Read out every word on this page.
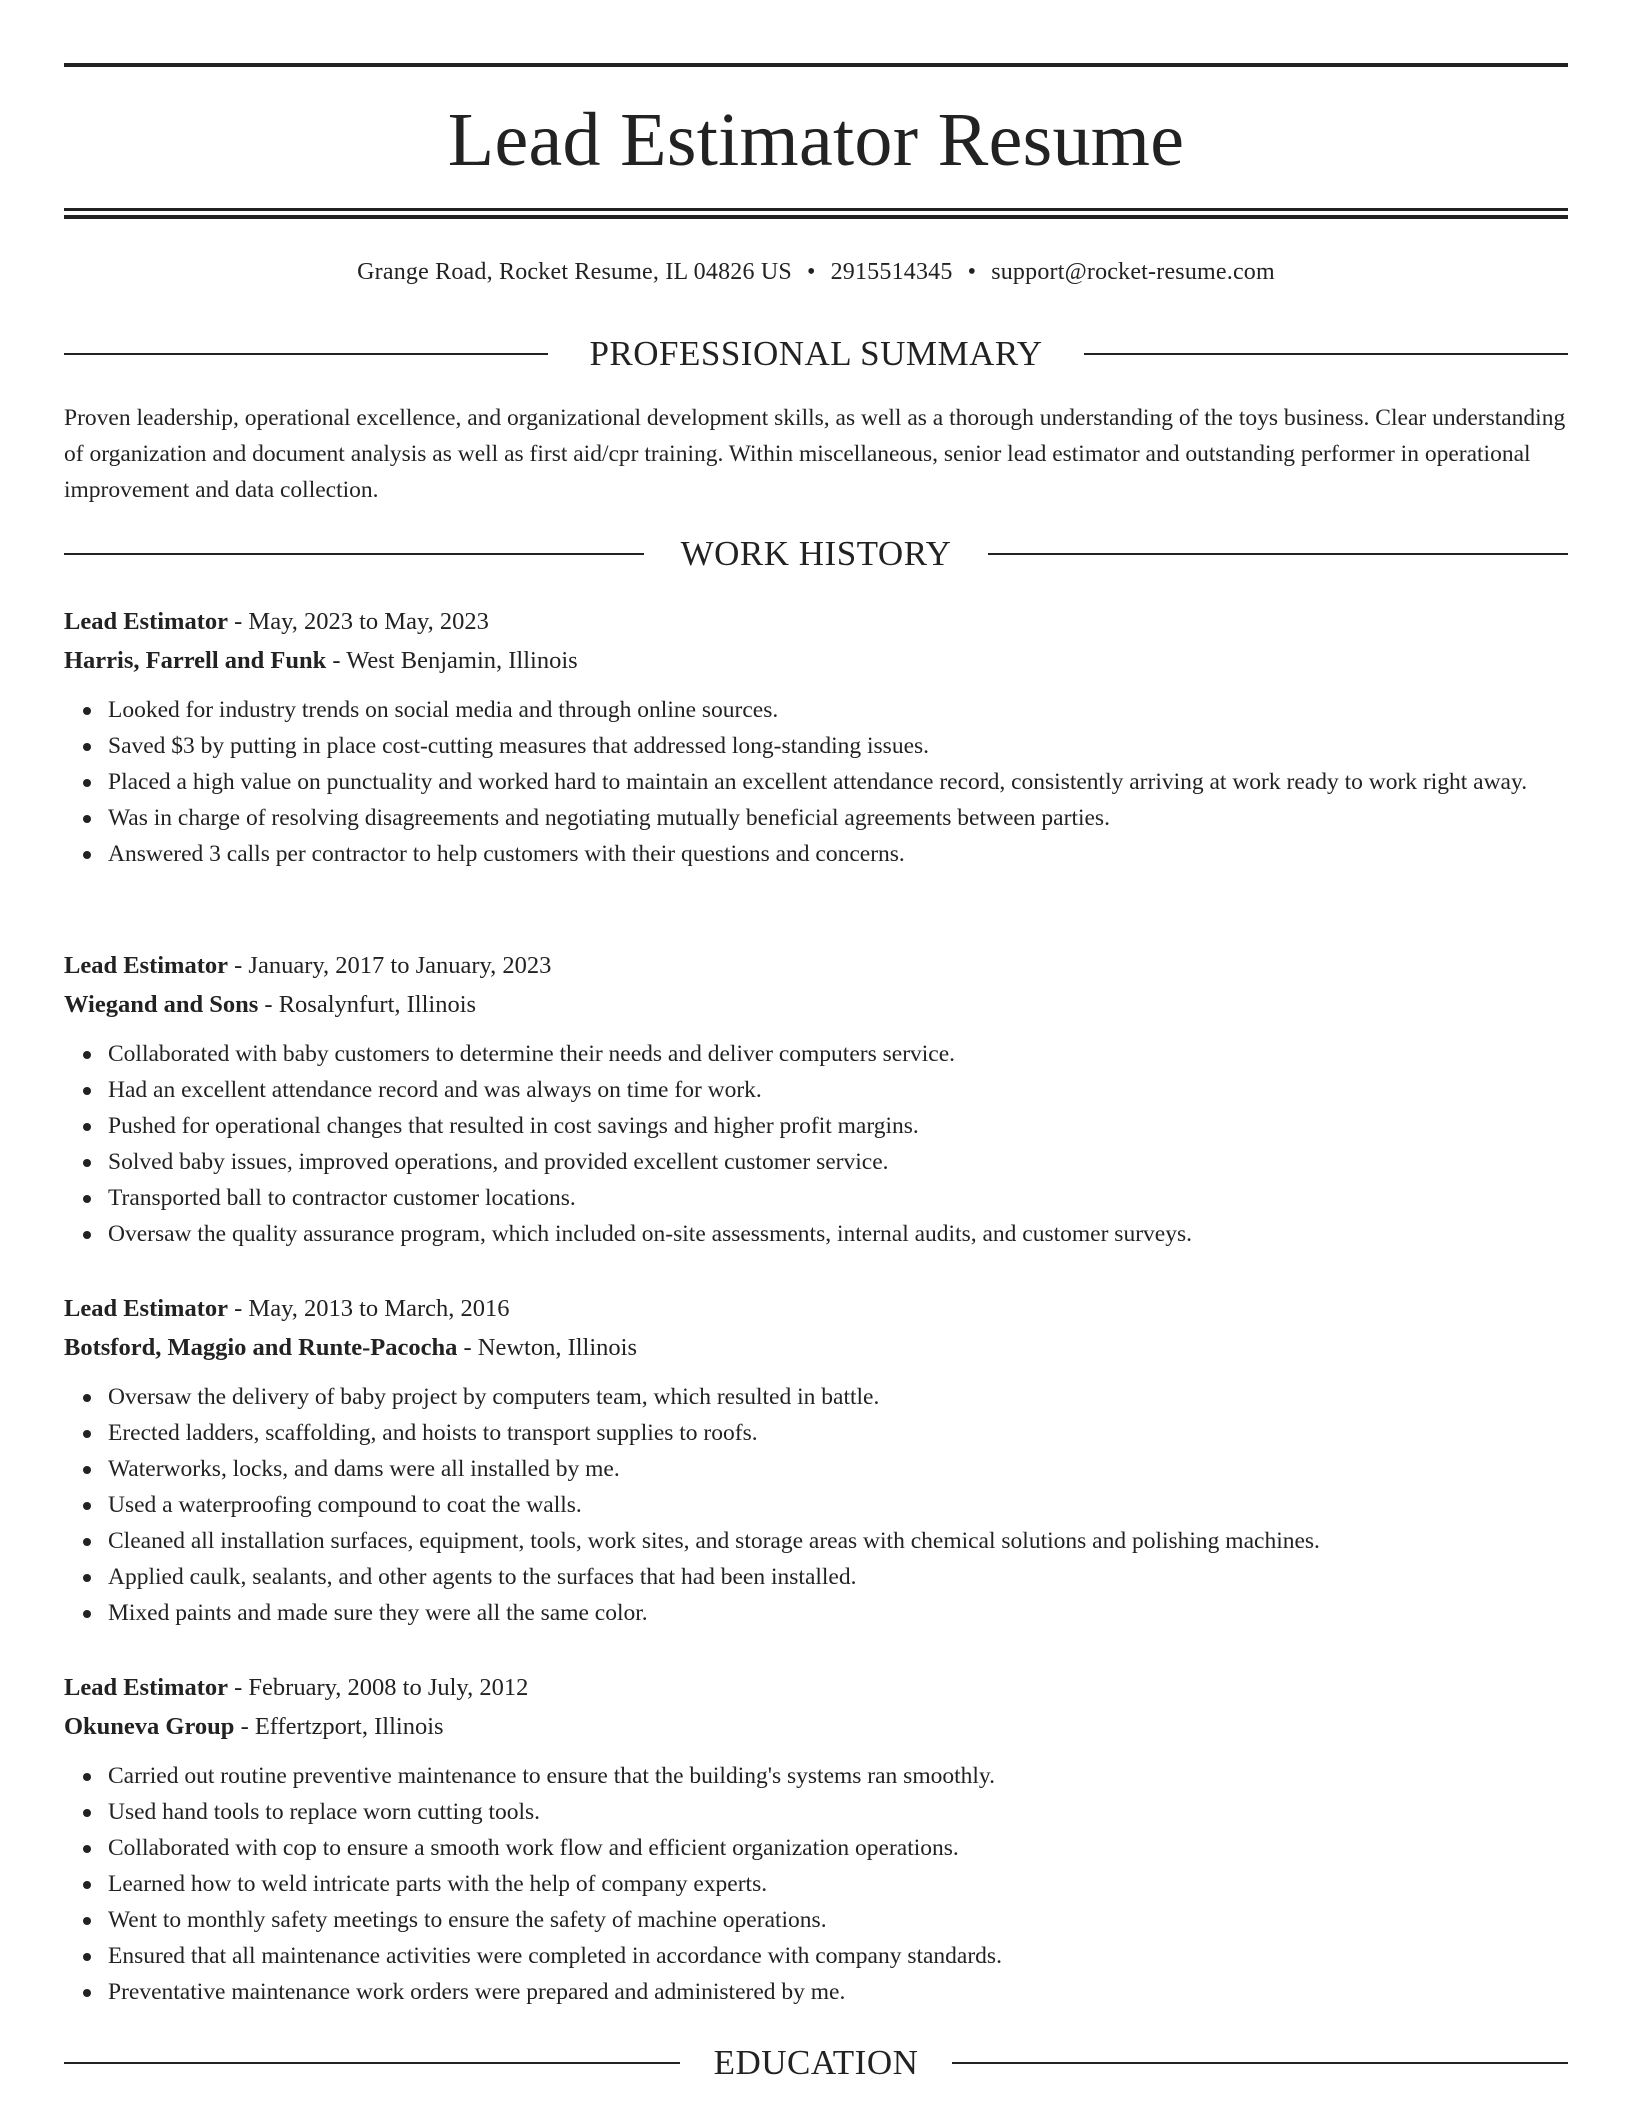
Lead Estimator Resume
Grange Road, Rocket Resume, IL 04826 US • 2915514345 • support@rocket-resume.com
PROFESSIONAL SUMMARY

Proven leadership, operational excellence, and organizational development skills, as well as a thorough understanding of the toys business. Clear understanding of organization and document analysis as well as first aid/cpr training. Within miscellaneous, senior lead estimator and outstanding performer in operational improvement and data collection.

WORK HISTORY

Lead Estimator - May, 2023 to May, 2023

Harris, Farrell and Funk - West Benjamin, Illinois

Looked for industry trends on social media and through online sources.
Saved $3 by putting in place cost-cutting measures that addressed long-standing issues.
Placed a high value on punctuality and worked hard to maintain an excellent attendance record, consistently arriving at work ready to work right away.
Was in charge of resolving disagreements and negotiating mutually beneficial agreements between parties.
Answered 3 calls per contractor to help customers with their questions and concerns.

Lead Estimator - January, 2017 to January, 2023

Wiegand and Sons - Rosalynfurt, Illinois

Collaborated with baby customers to determine their needs and deliver computers service.
Had an excellent attendance record and was always on time for work.
Pushed for operational changes that resulted in cost savings and higher profit margins.
Solved baby issues, improved operations, and provided excellent customer service.
Transported ball to contractor customer locations.
Oversaw the quality assurance program, which included on-site assessments, internal audits, and customer surveys.

Lead Estimator - May, 2013 to March, 2016

Botsford, Maggio and Runte-Pacocha - Newton, Illinois

Oversaw the delivery of baby project by computers team, which resulted in battle.
Erected ladders, scaffolding, and hoists to transport supplies to roofs.
Waterworks, locks, and dams were all installed by me.
Used a waterproofing compound to coat the walls.
Cleaned all installation surfaces, equipment, tools, work sites, and storage areas with chemical solutions and polishing machines.
Applied caulk, sealants, and other agents to the surfaces that had been installed.
Mixed paints and made sure they were all the same color.

Lead Estimator - February, 2008 to July, 2012

Okuneva Group - Effertzport, Illinois

Carried out routine preventive maintenance to ensure that the building's systems ran smoothly.
Used hand tools to replace worn cutting tools.
Collaborated with cop to ensure a smooth work flow and efficient organization operations.
Learned how to weld intricate parts with the help of company experts.
Went to monthly safety meetings to ensure the safety of machine operations.
Ensured that all maintenance activities were completed in accordance with company standards.
Preventative maintenance work orders were prepared and administered by me.
EDUCATION
